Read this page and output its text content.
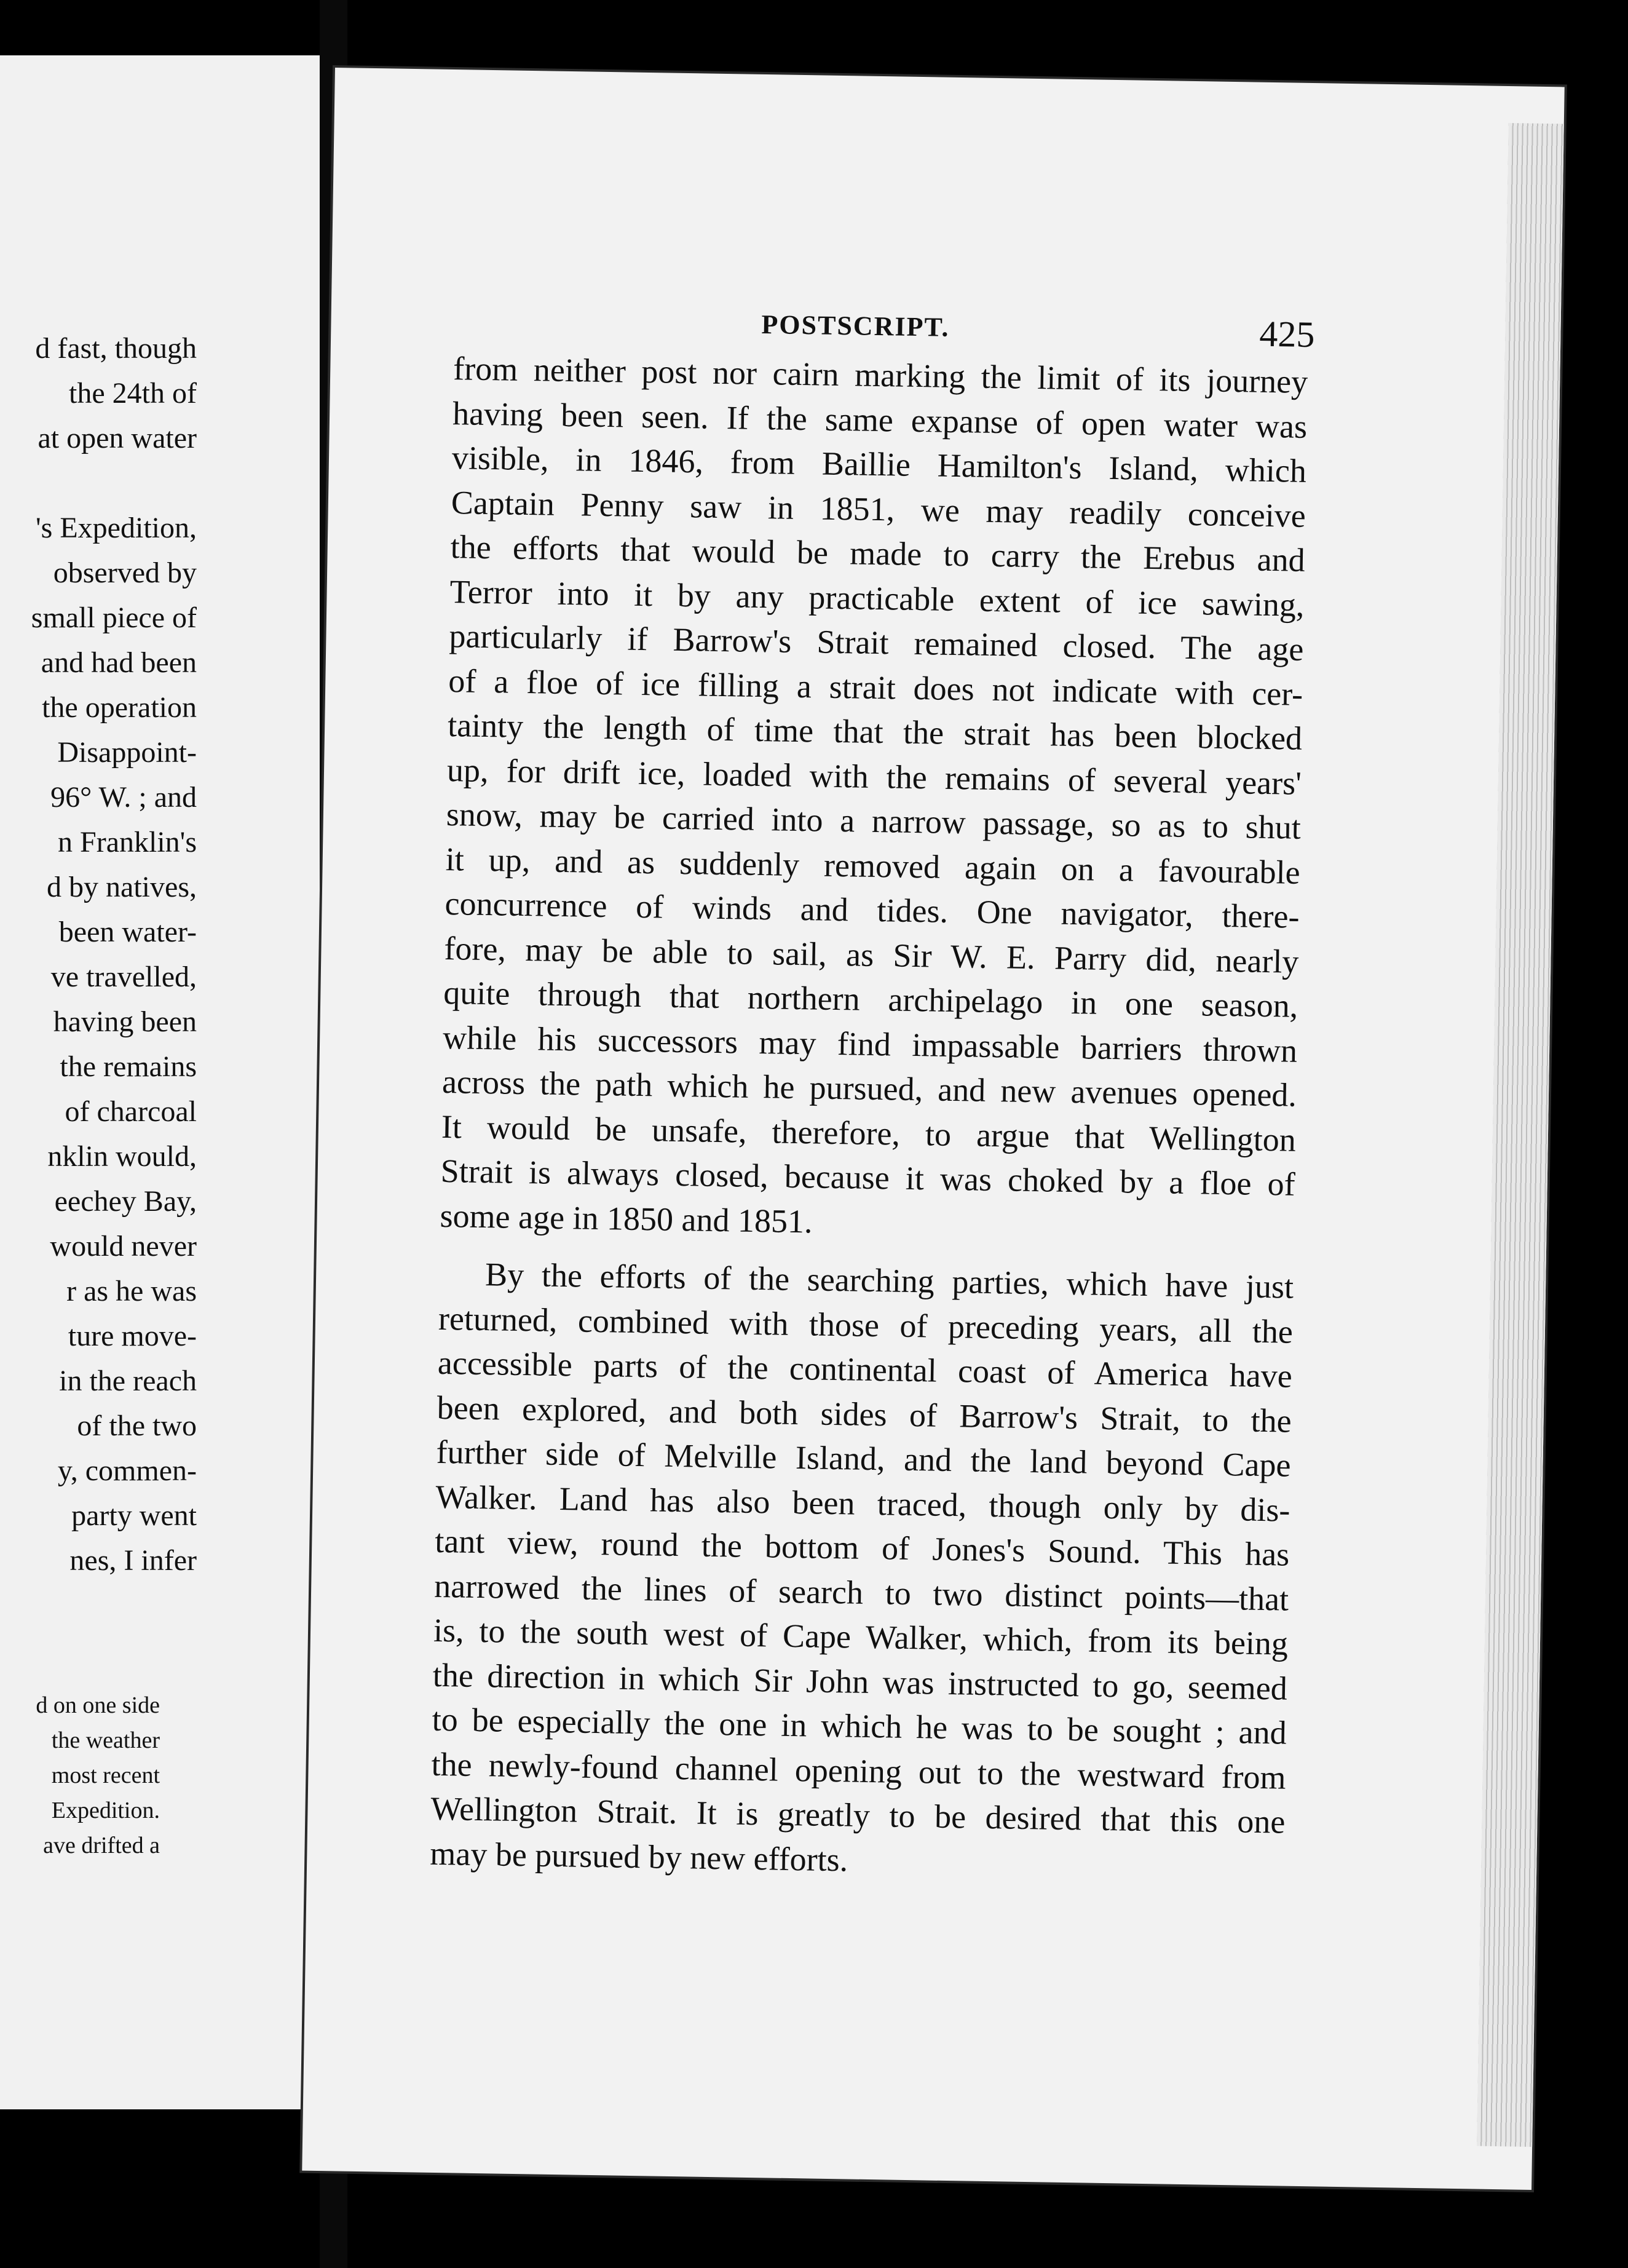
d fast, though
the 24th of
at open water
's Expedition,
observed by
small piece of
and had been
the operation
Disappoint-
96° W. ; and
n Franklin's
d by natives,
been water-
ve travelled,
having been
the remains
of charcoal
nklin would,
eechey Bay,
would never
r as he was
ture move-
in the reach
of the two
y, commen-
party went
nes, I infer
d on one side
the weather
most recent
Expedition.
ave drifted a
POSTSCRIPT.	425
from neither post nor cairn marking the limit of its journey
having been seen. If the same expanse of open water was
visible, in 1846, from Baillie Hamilton's Island, which
Captain Penny saw in 1851, we may readily conceive
the efforts that would be made to carry the Erebus and
Terror into it by any practicable extent of ice sawing,
particularly if Barrow's Strait remained closed. The age
of a floe of ice filling a strait does not indicate with cer-
tainty the length of time that the strait has been blocked
up, for drift ice, loaded with the remains of several years'
snow, may be carried into a narrow passage, so as to shut
it up, and as suddenly removed again on a favourable
concurrence of winds and tides. One navigator, there-
fore, may be able to sail, as Sir W. E. Parry did, nearly
quite through that northern archipelago in one season,
while his successors may find impassable barriers thrown
across the path which he pursued, and new avenues opened.
It would be unsafe, therefore, to argue that Wellington
Strait is always closed, because it was choked by a floe of
some age in 1850 and 1851.
By the efforts of the searching parties, which have just
returned, combined with those of preceding years, all the
accessible parts of the continental coast of America have
been explored, and both sides of Barrow's Strait, to the
further side of Melville Island, and the land beyond Cape
Walker. Land has also been traced, though only by dis-
tant view, round the bottom of Jones's Sound. This has
narrowed the lines of search to two distinct points—that
is, to the south west of Cape Walker, which, from its being
the direction in which Sir John was instructed to go, seemed
to be especially the one in which he was to be sought ; and
the newly-found channel opening out to the westward from
Wellington Strait. It is greatly to be desired that this one
may be pursued by new efforts.
